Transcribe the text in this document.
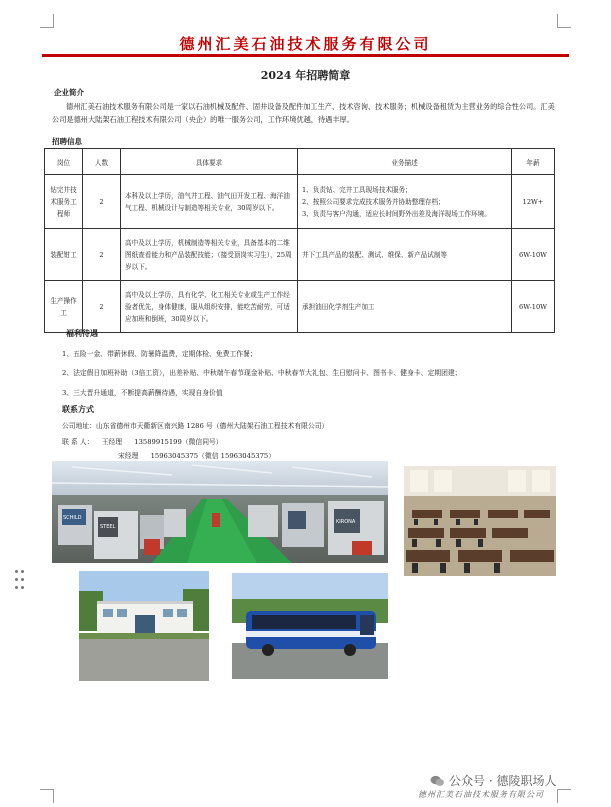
德州汇美石油技术服务有限公司
2024 年招聘简章
企业简介
德州汇美石油技术服务有限公司是一家以石油机械及配件、固井设备及配件加工生产、技术咨询、技术服务；机械设备租赁为主营业务的综合性公司。汇美公司是德州大陆架石油工程技术有限公司（央企）的唯一服务公司，工作环境优越，待遇丰厚。
招聘信息
岗位	人数	具体要求	业务描述	年薪
钻完井技术服务工程师	2	本科及以上学历，油气井工程、油气田开发工程、海洋油气工程、机械设计与制造等相关专业，30周岁以下。	1、负责钻、完井工具现场技术服务；
2、按照公司要求完成技术服务并协助整理存档；
3、负责与客户沟通，适应长时间野外出差及海洋现场工作环境。	12W+
装配钳工	2	高中及以上学历，机械制造等相关专业，具备基本的二维图纸查看能力和产品装配技能；（接受顶岗实习生），25周岁以下。	井下工具产品的装配、测试、维保、新产品试制等	6W-10W
生产操作工	2	高中及以上学历，具有化学、化工相关专业或生产工作经验者优先，身体健康，服从组织安排，能吃苦耐劳，可适应加班和倒班，30周岁以下。	承担油田化学剂生产加工	6W-10W
福利待遇
1、五险一金、带薪休假、防暑降温费，定期体检、免费工作餐；
2、法定假日加班补助（3倍工资），出差补贴、中秋端午春节现金补贴、中秋春节大礼包、生日慰问卡、图书卡、健身卡、定期团建；
3、三大晋升通道，不断提高薪酬待遇，实现自身价值
联系方式
公司地址：山东省德州市天衢新区南兴路 1286 号（德州大陆架石油工程技术有限公司）
联 系 人： 王经理 13589915199（微信同号）
宋经理 15963045375（微信 15963045375）
SCHILD
STEEL
KIRONA
公众号 · 德陵职场人
德州汇美石油技术服务有限公司
